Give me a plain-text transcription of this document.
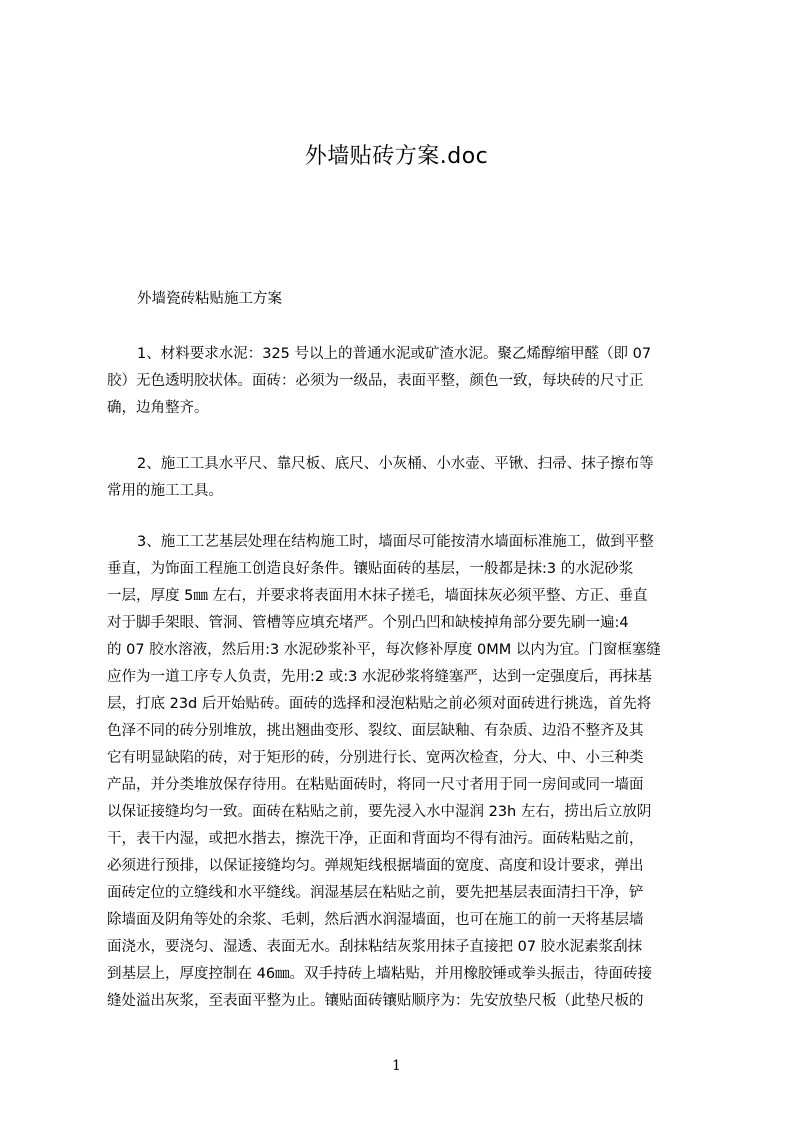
外墙贴砖方案.doc
外墙瓷砖粘贴施工方案
1、材料要求水泥：325 号以上的普通水泥或矿渣水泥。聚乙烯醇缩甲醛（即 07
胶）无色透明胶状体。面砖：必须为一级品，表面平整，颜色一致，每块砖的尺寸正
确，边角整齐。
2、施工工具水平尺、靠尺板、底尺、小灰桶、小水壶、平锹、扫帚、抹子擦布等
常用的施工工具。
3、施工工艺基层处理在结构施工时，墙面尽可能按清水墙面标准施工，做到平整
垂直，为饰面工程施工创造良好条件。镶贴面砖的基层，一般都是抹:3 的水泥砂浆
一层，厚度 5㎜ 左右，并要求将表面用木抹子搓毛，墙面抹灰必须平整、方正、垂直
对于脚手架眼、管洞、管槽等应填充堵严。个别凸凹和缺棱掉角部分要先刷一遍:4
的 07 胶水溶液，然后用:3 水泥砂浆补平，每次修补厚度 0MM 以内为宜。门窗框塞缝
应作为一道工序专人负责，先用:2 或:3 水泥砂浆将缝塞严，达到一定强度后，再抹基
层，打底 23d 后开始贴砖。面砖的选择和浸泡粘贴之前必须对面砖进行挑选，首先将
色泽不同的砖分别堆放，挑出翘曲变形、裂纹、面层缺釉、有杂质、边沿不整齐及其
它有明显缺陷的砖，对于矩形的砖，分别进行长、宽两次检查，分大、中、小三种类
产品，并分类堆放保存待用。在粘贴面砖时，将同一尺寸者用于同一房间或同一墙面
以保证接缝均匀一致。面砖在粘贴之前，要先浸入水中湿润 23h 左右，捞出后立放阴
干，表干内湿，或把水揩去，擦洗干净，正面和背面均不得有油污。面砖粘贴之前，
必须进行预排，以保证接缝均匀。弹规矩线根据墙面的宽度、高度和设计要求，弹出
面砖定位的立缝线和水平缝线。润湿基层在粘贴之前，要先把基层表面清扫干净，铲
除墙面及阴角等处的余浆、毛刺，然后洒水润湿墙面，也可在施工的前一天将基层墙
面浇水，要浇匀、湿透、表面无水。刮抹粘结灰浆用抹子直接把 07 胶水泥素浆刮抹
到基层上，厚度控制在 46㎜。双手持砖上墙粘贴，并用橡胶锤或拳头振击，待面砖接
缝处溢出灰浆，至表面平整为止。镶贴面砖镶贴顺序为：先安放垫尺板（此垫尺板的
1
